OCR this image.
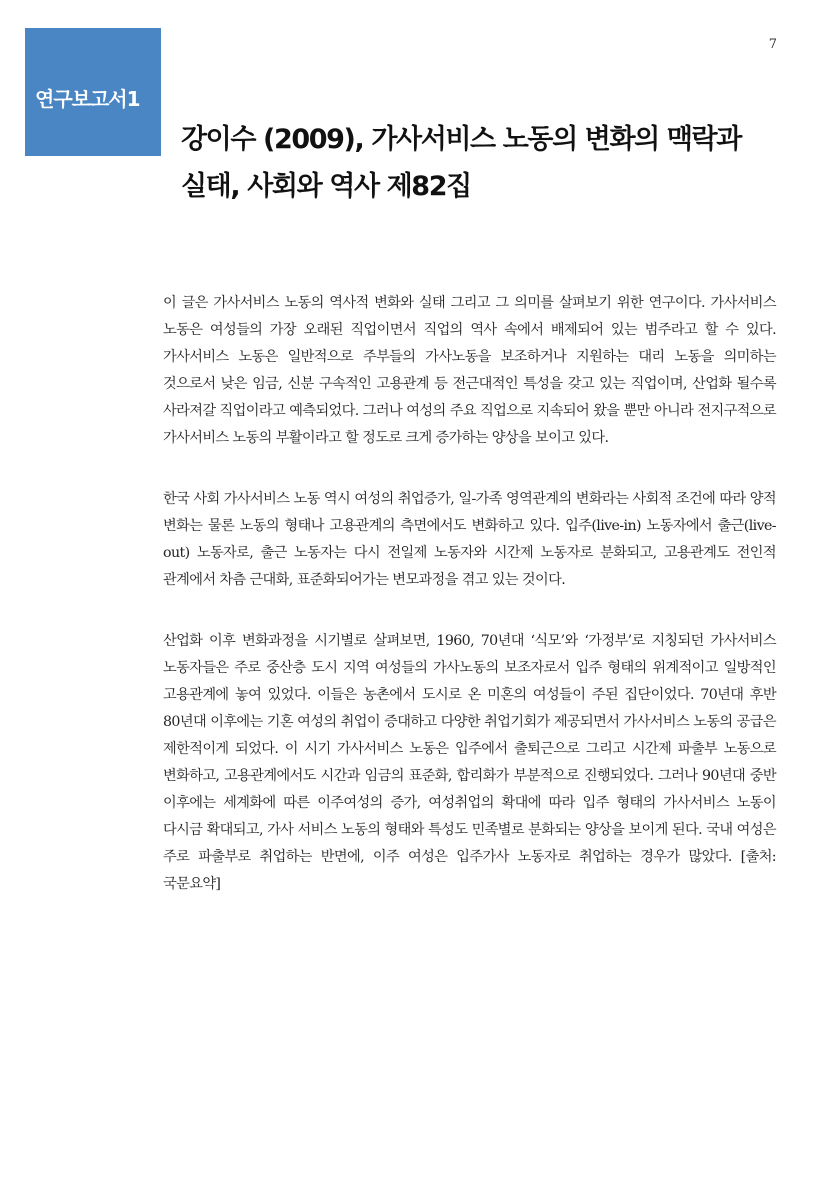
연구보고서1
7
강이수 (2009), 가사서비스 노동의 변화의 맥락과 실태, 사회와 역사 제82집

이 글은 가사서비스 노동의 역사적 변화와 실태 그리고 그 의미를 살펴보기 위한 연구이다. 가사서비스 노동은 여성들의 가장 오래된 직업이면서 직업의 역사 속에서 배제되어 있는 범주라고 할 수 있다. 가사서비스 노동은 일반적으로 주부들의 가사노동을 보조하거나 지원하는 대리 노동을 의미하는 것으로서 낮은 임금, 신분 구속적인 고용관계 등 전근대적인 특성을 갖고 있는 직업이며, 산업화 될수록 사라져갈 직업이라고 예측되었다. 그러나 여성의 주요 직업으로 지속되어 왔을 뿐만 아니라 전지구적으로 가사서비스 노동의 부활이라고 할 정도로 크게 증가하는 양상을 보이고 있다.

한국 사회 가사서비스 노동 역시 여성의 취업증가, 일-가족 영역관계의 변화라는 사회적 조건에 따라 양적 변화는 물론 노동의 형태나 고용관계의 측면에서도 변화하고 있다. 입주(live-in) 노동자에서 출근(live-out) 노동자로, 출근 노동자는 다시 전일제 노동자와 시간제 노동자로 분화되고, 고용관계도 전인적 관계에서 차츰 근대화, 표준화되어가는 변모과정을 겪고 있는 것이다.

산업화 이후 변화과정을 시기별로 살펴보면, 1960, 70년대 ‘식모’와 ‘가정부’로 지칭되던 가사서비스 노동자들은 주로 중산층 도시 지역 여성들의 가사노동의 보조자로서 입주 형태의 위계적이고 일방적인 고용관계에 놓여 있었다. 이들은 농촌에서 도시로 온 미혼의 여성들이 주된 집단이었다. 70년대 후반 80년대 이후에는 기혼 여성의 취업이 증대하고 다양한 취업기회가 제공되면서 가사서비스 노동의 공급은 제한적이게 되었다. 이 시기 가사서비스 노동은 입주에서 출퇴근으로 그리고 시간제 파출부 노동으로 변화하고, 고용관계에서도 시간과 임금의 표준화, 합리화가 부분적으로 진행되었다. 그러나 90년대 중반 이후에는 세계화에 따른 이주여성의 증가, 여성취업의 확대에 따라 입주 형태의 가사서비스 노동이 다시금 확대되고, 가사 서비스 노동의 형태와 특성도 민족별로 분화되는 양상을 보이게 된다. 국내 여성은 주로 파출부로 취업하는 반면에, 이주 여성은 입주가사 노동자로 취업하는 경우가 많았다. [출처: 국문요약]
